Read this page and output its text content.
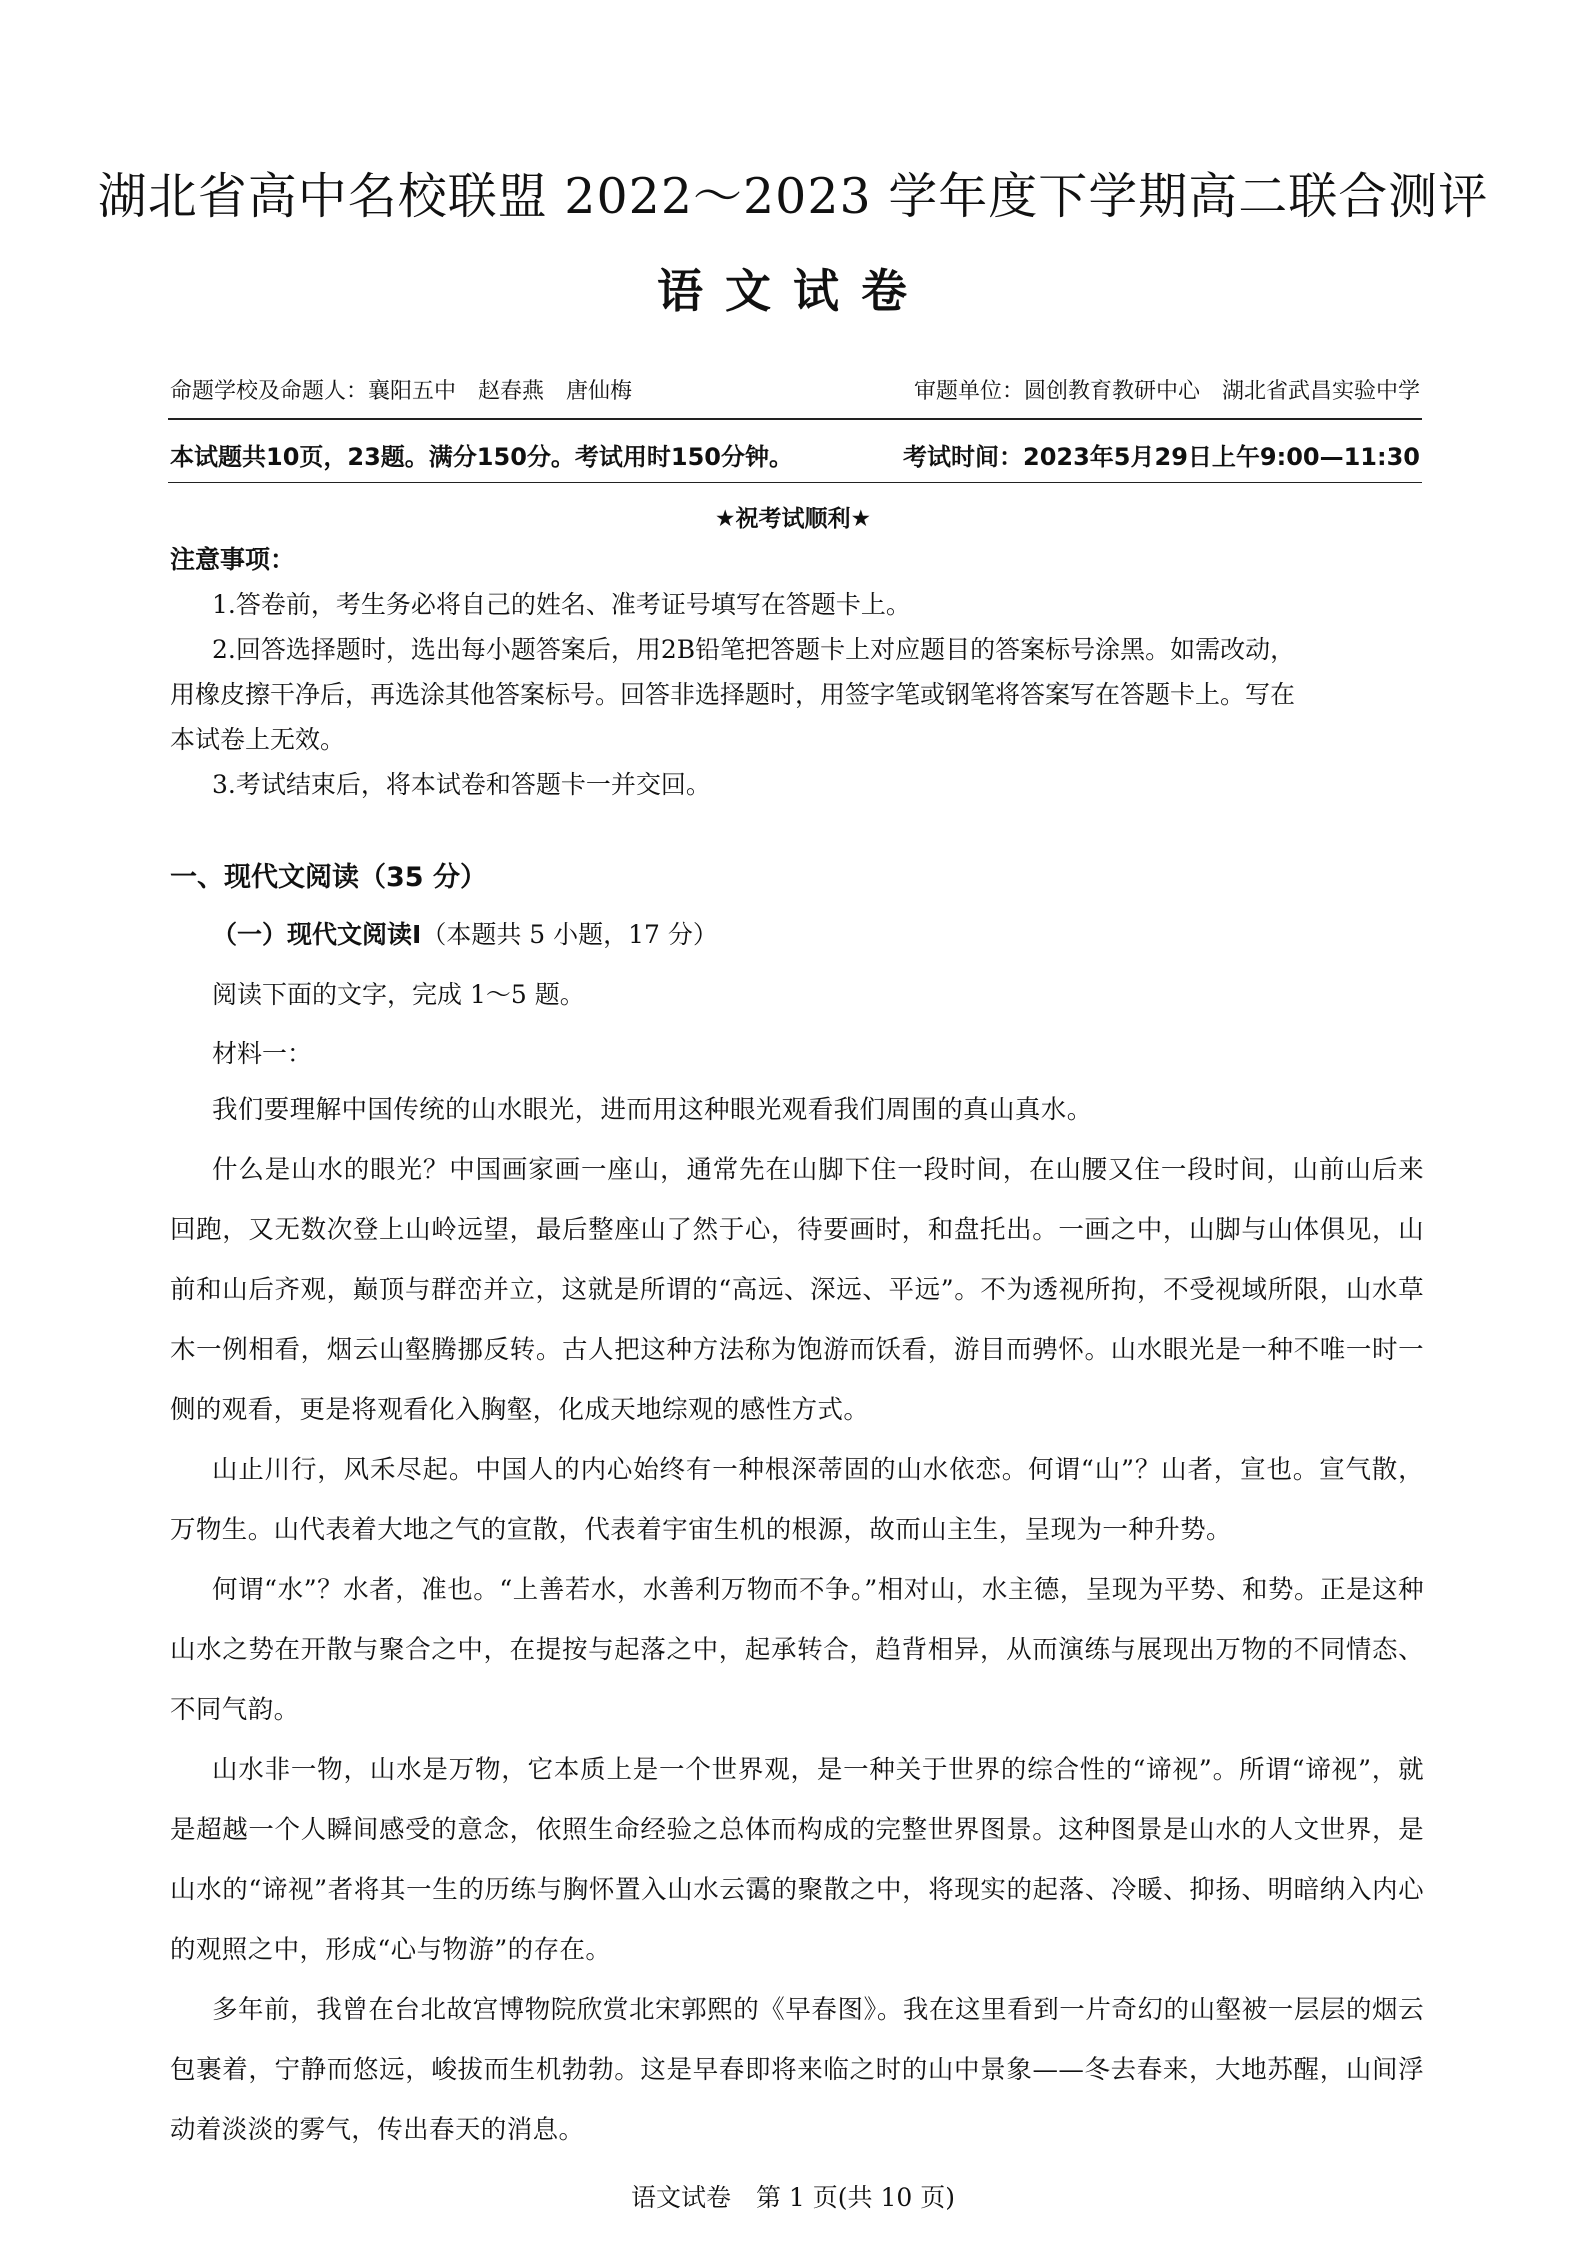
湖北省高中名校联盟 2022～2023 学年度下学期高二联合测评
语文试卷
命题学校及命题人：襄阳五中　赵春燕　唐仙梅	审题单位：圆创教育教研中心　湖北省武昌实验中学
本试题共10页，23题。满分150分。考试用时150分钟。	考试时间：2023年5月29日上午9:00—11:30
★祝考试顺利★
注意事项：
1.答卷前，考生务必将自己的姓名、准考证号填写在答题卡上。
2.回答选择题时，选出每小题答案后，用2B铅笔把答题卡上对应题目的答案标号涂黑。如需改动，
用橡皮擦干净后，再选涂其他答案标号。回答非选择题时，用签字笔或钢笔将答案写在答题卡上。写在
本试卷上无效。
3.考试结束后，将本试卷和答题卡一并交回。
一、现代文阅读（35 分）
（一）现代文阅读Ⅰ（本题共 5 小题，17 分）
阅读下面的文字，完成 1～5 题。
材料一：
我们要理解中国传统的山水眼光，进而用这种眼光观看我们周围的真山真水。
什么是山水的眼光？中国画家画一座山，通常先在山脚下住一段时间，在山腰又住一段时间，山前山后来回跑，又无数次登上山岭远望，最后整座山了然于心，待要画时，和盘托出。一画之中，山脚与山体俱见，山前和山后齐观，巅顶与群峦并立，这就是所谓的“高远、深远、平远”。不为透视所拘，不受视域所限，山水草木一例相看，烟云山壑腾挪反转。古人把这种方法称为饱游而饫看，游目而骋怀。山水眼光是一种不唯一时一侧的观看，更是将观看化入胸壑，化成天地综观的感性方式。
山止川行，风禾尽起。中国人的内心始终有一种根深蒂固的山水依恋。何谓“山”？山者，宣也。宣气散，万物生。山代表着大地之气的宣散，代表着宇宙生机的根源，故而山主生，呈现为一种升势。
何谓“水”？水者，准也。“上善若水，水善利万物而不争。”相对山，水主德，呈现为平势、和势。正是这种山水之势在开散与聚合之中，在提按与起落之中，起承转合，趋背相异，从而演练与展现出万物的不同情态、不同气韵。
山水非一物，山水是万物，它本质上是一个世界观，是一种关于世界的综合性的“谛视”。所谓“谛视”，就是超越一个人瞬间感受的意念，依照生命经验之总体而构成的完整世界图景。这种图景是山水的人文世界，是山水的“谛视”者将其一生的历练与胸怀置入山水云霭的聚散之中，将现实的起落、冷暖、抑扬、明暗纳入内心的观照之中，形成“心与物游”的存在。
多年前，我曾在台北故宫博物院欣赏北宋郭熙的《早春图》。我在这里看到一片奇幻的山壑被一层层的烟云包裹着，宁静而悠远，峻拔而生机勃勃。这是早春即将来临之时的山中景象——冬去春来，大地苏醒，山间浮动着淡淡的雾气，传出春天的消息。
语文试卷　第 1 页(共 10 页)
